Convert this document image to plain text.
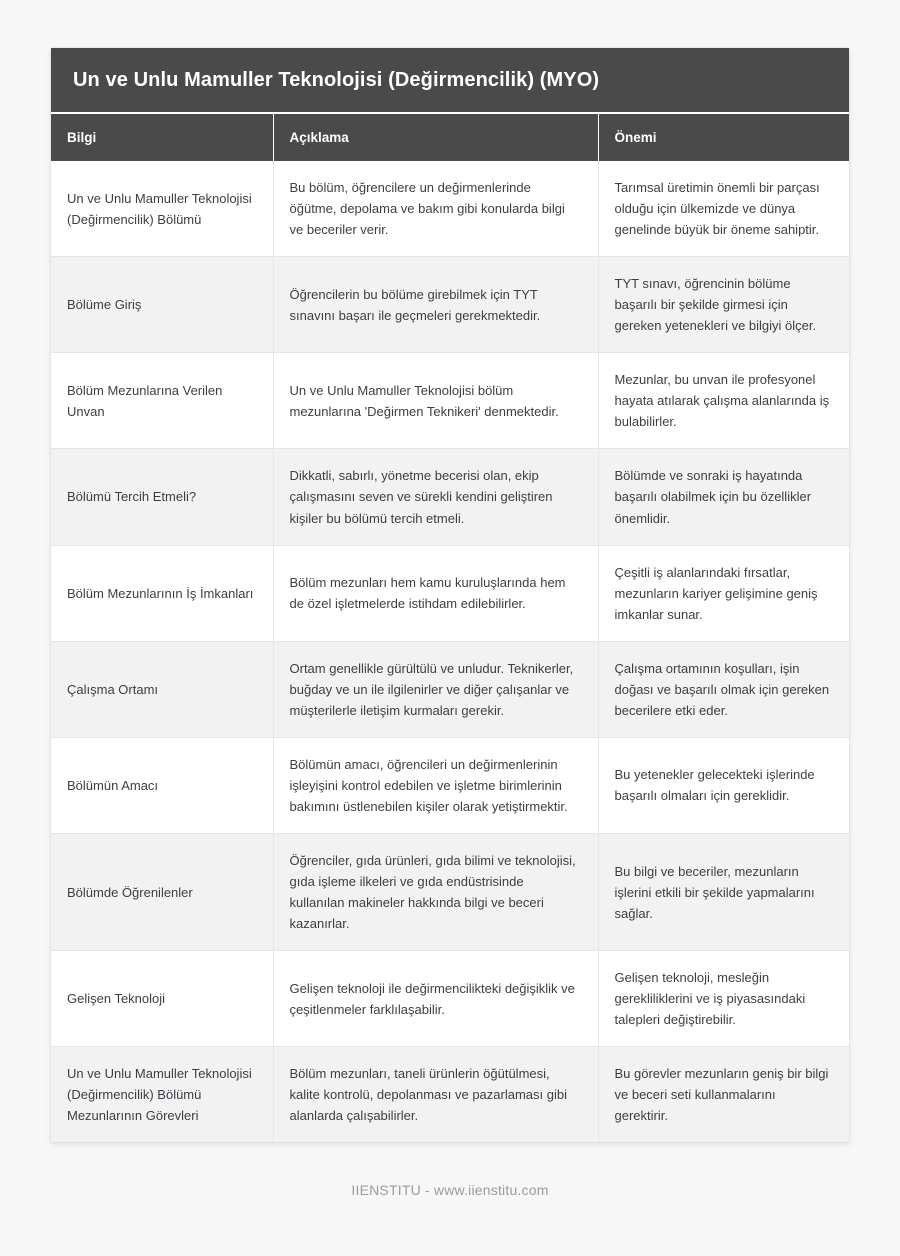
Un ve Unlu Mamuller Teknolojisi (Değirmencilik) (MYO)
Bilgi	Açıklama	Önemi
Un ve Unlu Mamuller Teknolojisi (Değirmencilik) Bölümü	Bu bölüm, öğrencilere un değirmenlerinde öğütme, depolama ve bakım gibi konularda bilgi ve beceriler verir.	Tarımsal üretimin önemli bir parçası olduğu için ülkemizde ve dünya genelinde büyük bir öneme sahiptir.
Bölüme Giriş	Öğrencilerin bu bölüme girebilmek için TYT sınavını başarı ile geçmeleri gerekmektedir.	TYT sınavı, öğrencinin bölüme başarılı bir şekilde girmesi için gereken yetenekleri ve bilgiyi ölçer.
Bölüm Mezunlarına Verilen Unvan	Un ve Unlu Mamuller Teknolojisi bölüm mezunlarına 'Değirmen Teknikeri' denmektedir.	Mezunlar, bu unvan ile profesyonel hayata atılarak çalışma alanlarında iş bulabilirler.
Bölümü Tercih Etmeli?	Dikkatli, sabırlı, yönetme becerisi olan, ekip çalışmasını seven ve sürekli kendini geliştiren kişiler bu bölümü tercih etmeli.	Bölümde ve sonraki iş hayatında başarılı olabilmek için bu özellikler önemlidir.
Bölüm Mezunlarının İş İmkanları	Bölüm mezunları hem kamu kuruluşlarında hem de özel işletmelerde istihdam edilebilirler.	Çeşitli iş alanlarındaki fırsatlar, mezunların kariyer gelişimine geniş imkanlar sunar.
Çalışma Ortamı	Ortam genellikle gürültülü ve unludur. Teknikerler, buğday ve un ile ilgilenirler ve diğer çalışanlar ve müşterilerle iletişim kurmaları gerekir.	Çalışma ortamının koşulları, işin doğası ve başarılı olmak için gereken becerilere etki eder.
Bölümün Amacı	Bölümün amacı, öğrencileri un değirmenlerinin işleyişini kontrol edebilen ve işletme birimlerinin bakımını üstlenebilen kişiler olarak yetiştirmektir.	Bu yetenekler gelecekteki işlerinde başarılı olmaları için gereklidir.
Bölümde Öğrenilenler	Öğrenciler, gıda ürünleri, gıda bilimi ve teknolojisi, gıda işleme ilkeleri ve gıda endüstrisinde kullanılan makineler hakkında bilgi ve beceri kazanırlar.	Bu bilgi ve beceriler, mezunların işlerini etkili bir şekilde yapmalarını sağlar.
Gelişen Teknoloji	Gelişen teknoloji ile değirmencilikteki değişiklik ve çeşitlenmeler farklılaşabilir.	Gelişen teknoloji, mesleğin gerekliliklerini ve iş piyasasındaki talepleri değiştirebilir.
Un ve Unlu Mamuller Teknolojisi (Değirmencilik) Bölümü Mezunlarının Görevleri	Bölüm mezunları, taneli ürünlerin öğütülmesi, kalite kontrolü, depolanması ve pazarlaması gibi alanlarda çalışabilirler.	Bu görevler mezunların geniş bir bilgi ve beceri seti kullanmalarını gerektirir.
IIENSTITU - www.iienstitu.com
